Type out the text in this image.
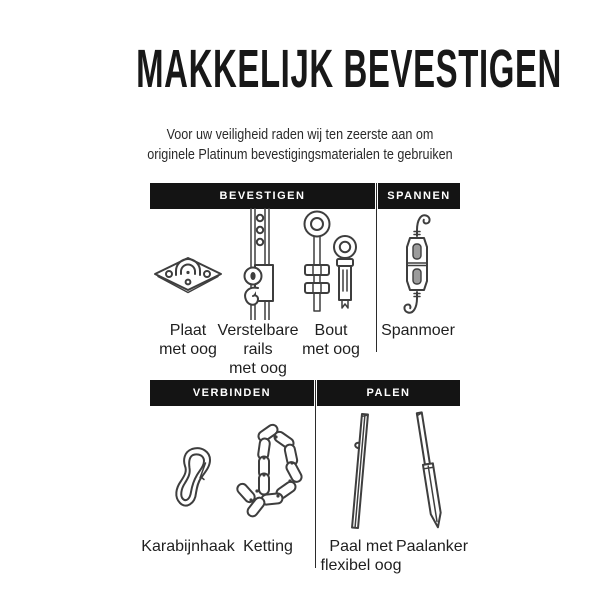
MAKKELIJK BEVESTIGEN
Voor uw veiligheid raden wij ten zeerste aan om
originele Platinum bevestigingsmaterialen te gebruiken
BEVESTIGEN	SPANNEN
Plaat
met oog
Verstelbare
rails
met oog
Bout
met oog
Spanmoer
VERBINDEN	PALEN
Karabijnhaak Ketting	Paal met
flexibel oog
Paalanker
